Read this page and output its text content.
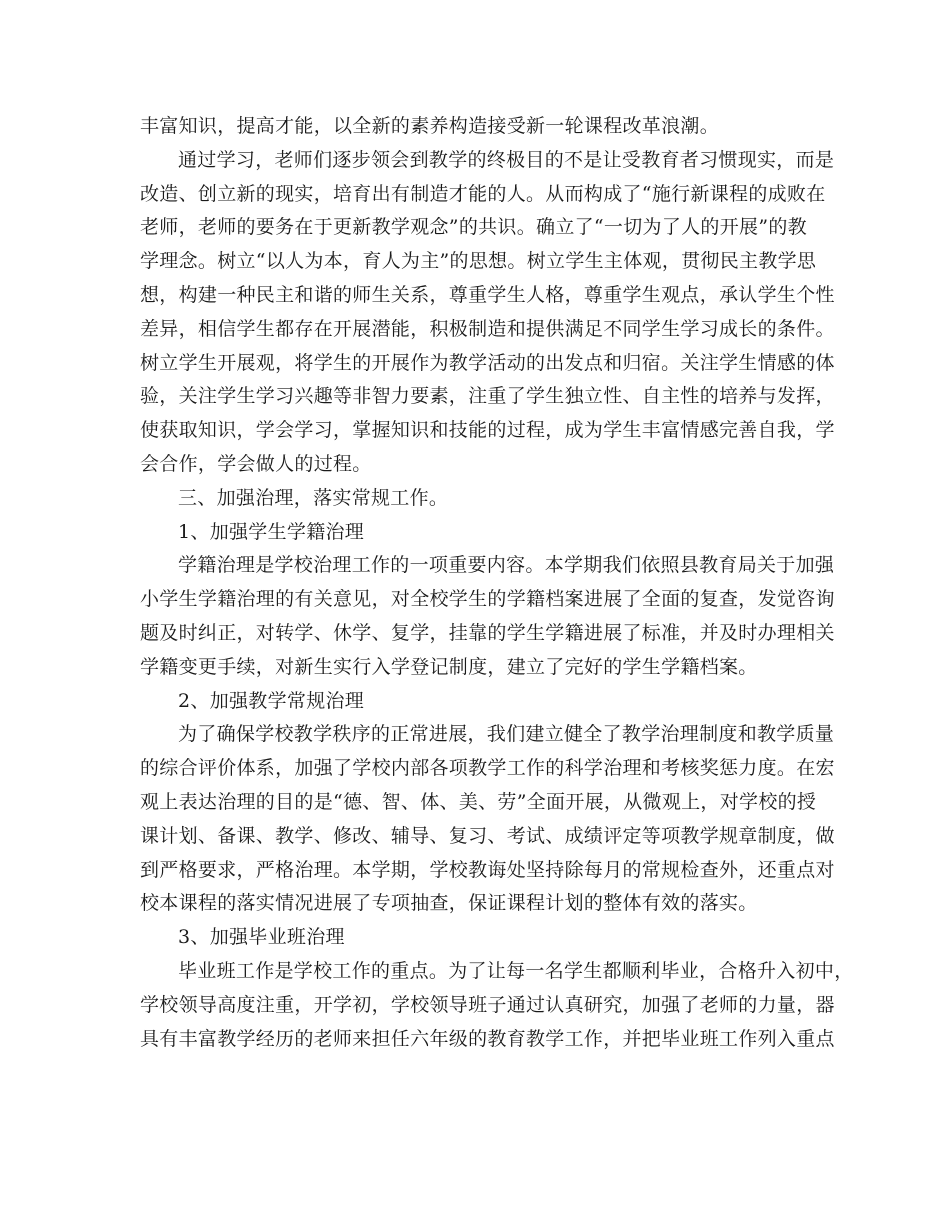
丰富知识，提高才能，以全新的素养构造接受新一轮课程改革浪潮。
通过学习，老师们逐步领会到教学的终极目的不是让受教育者习惯现实，而是
改造、创立新的现实，培育出有制造才能的人。从而构成了“施行新课程的成败在
老师，老师的要务在于更新教学观念”的共识。确立了“一切为了人的开展”的教
学理念。树立“以人为本，育人为主”的思想。树立学生主体观，贯彻民主教学思
想，构建一种民主和谐的师生关系，尊重学生人格，尊重学生观点，承认学生个性
差异，相信学生都存在开展潜能，积极制造和提供满足不同学生学习成长的条件。
树立学生开展观，将学生的开展作为教学活动的出发点和归宿。关注学生情感的体
验，关注学生学习兴趣等非智力要素，注重了学生独立性、自主性的培养与发挥，
使获取知识，学会学习，掌握知识和技能的过程，成为学生丰富情感完善自我，学
会合作，学会做人的过程。
三、加强治理，落实常规工作。
1、加强学生学籍治理
学籍治理是学校治理工作的一项重要内容。本学期我们依照县教育局关于加强
小学生学籍治理的有关意见，对全校学生的学籍档案进展了全面的复查，发觉咨询
题及时纠正，对转学、休学、复学，挂靠的学生学籍进展了标准，并及时办理相关
学籍变更手续，对新生实行入学登记制度，建立了完好的学生学籍档案。
2、加强教学常规治理
为了确保学校教学秩序的正常进展，我们建立健全了教学治理制度和教学质量
的综合评价体系，加强了学校内部各项教学工作的科学治理和考核奖惩力度。在宏
观上表达治理的目的是“德、智、体、美、劳”全面开展，从微观上，对学校的授
课计划、备课、教学、修改、辅导、复习、考试、成绩评定等项教学规章制度，做
到严格要求，严格治理。本学期，学校教诲处坚持除每月的常规检查外，还重点对
校本课程的落实情况进展了专项抽查，保证课程计划的整体有效的落实。
3、加强毕业班治理
毕业班工作是学校工作的重点。为了让每一名学生都顺利毕业，合格升入初中，
学校领导高度注重，开学初，学校领导班子通过认真研究，加强了老师的力量，器
具有丰富教学经历的老师来担任六年级的教育教学工作，并把毕业班工作列入重点
